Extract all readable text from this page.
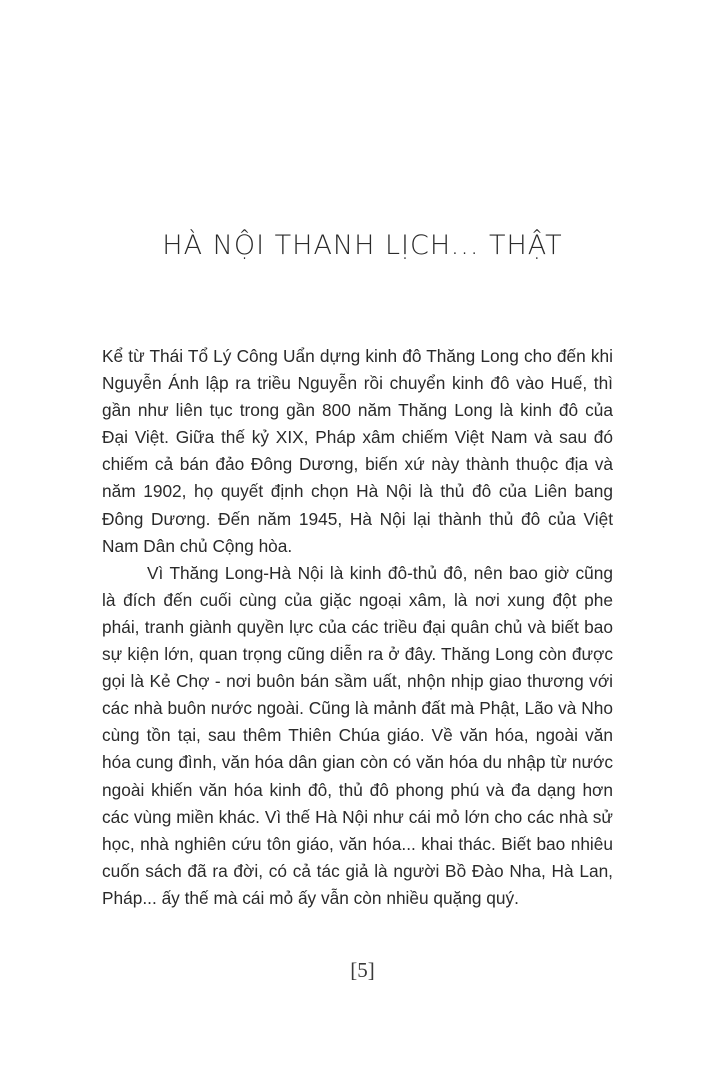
HÀ NỘI THANH LỊCH... THẬT

Kể từ Thái Tổ Lý Công Uẩn dựng kinh đô Thăng Long cho đến khi Nguyễn Ánh lập ra triều Nguyễn rồi chuyển kinh đô vào Huế, thì gần như liên tục trong gần 800 năm Thăng Long là kinh đô của Đại Việt. Giữa thế kỷ XIX, Pháp xâm chiếm Việt Nam và sau đó chiếm cả bán đảo Đông Dương, biến xứ này thành thuộc địa và năm 1902, họ quyết định chọn Hà Nội là thủ đô của Liên bang Đông Dương. Đến năm 1945, Hà Nội lại thành thủ đô của Việt Nam Dân chủ Cộng hòa.

Vì Thăng Long-Hà Nội là kinh đô-thủ đô, nên bao giờ cũng là đích đến cuối cùng của giặc ngoại xâm, là nơi xung đột phe phái, tranh giành quyền lực của các triều đại quân chủ và biết bao sự kiện lớn, quan trọng cũng diễn ra ở đây. Thăng Long còn được gọi là Kẻ Chợ - nơi buôn bán sầm uất, nhộn nhịp giao thương với các nhà buôn nước ngoài. Cũng là mảnh đất mà Phật, Lão và Nho cùng tồn tại, sau thêm Thiên Chúa giáo. Về văn hóa, ngoài văn hóa cung đình, văn hóa dân gian còn có văn hóa du nhập từ nước ngoài khiến văn hóa kinh đô, thủ đô phong phú và đa dạng hơn các vùng miền khác. Vì thế Hà Nội như cái mỏ lớn cho các nhà sử học, nhà nghiên cứu tôn giáo, văn hóa... khai thác. Biết bao nhiêu cuốn sách đã ra đời, có cả tác giả là người Bồ Đào Nha, Hà Lan, Pháp... ấy thế mà cái mỏ ấy vẫn còn nhiều quặng quý.

[5]
